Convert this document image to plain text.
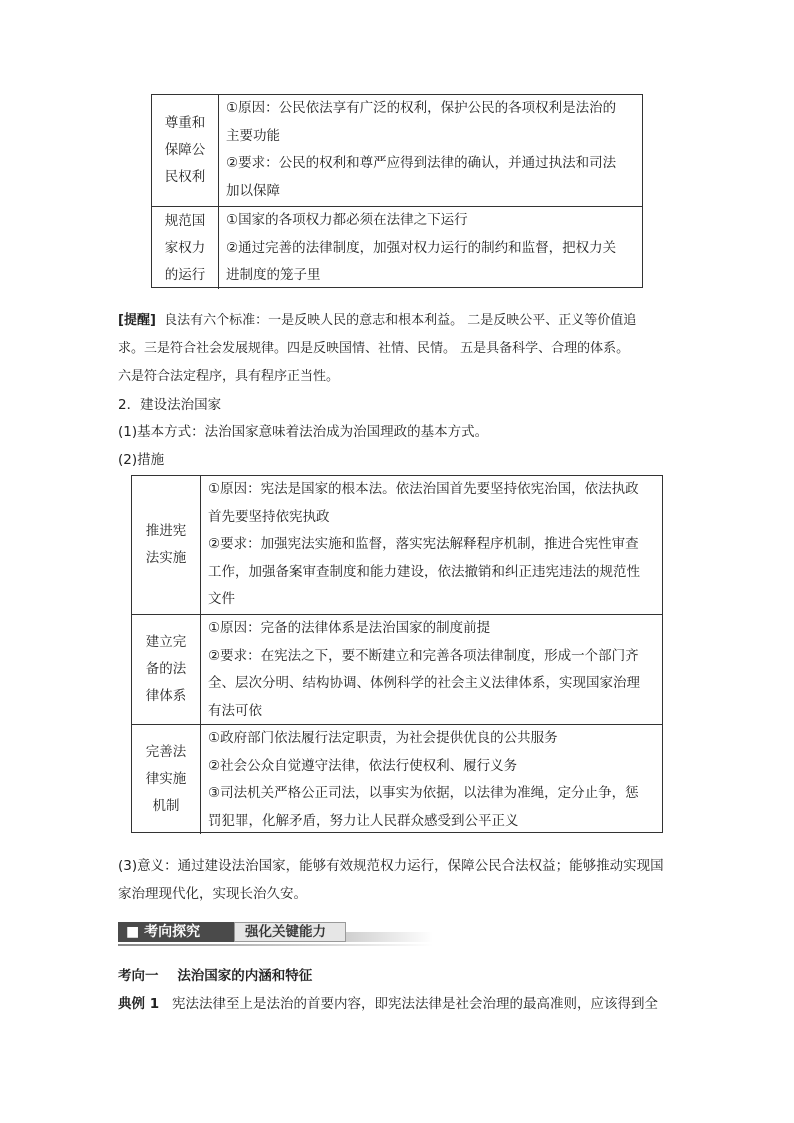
尊重和
保障公
民权利
①原因：公民依法享有广泛的权利，保护公民的各项权利是法治的
主要功能
②要求：公民的权利和尊严应得到法律的确认，并通过执法和司法
加以保障
规范国
家权力
的运行
①国家的各项权力都必须在法律之下运行
②通过完善的法律制度，加强对权力运行的制约和监督，把权力关
进制度的笼子里
[提醒] 良法有六个标准：一是反映人民的意志和根本利益。 二是反映公平、正义等价值追
求。三是符合社会发展规律。四是反映国情、社情、民情。 五是具备科学、合理的体系。
六是符合法定程序，具有程序正当性。
2．建设法治国家
(1)基本方式：法治国家意味着法治成为治国理政的基本方式。
(2)措施
推进宪
法实施
①原因：宪法是国家的根本法。依法治国首先要坚持依宪治国，依法执政
首先要坚持依宪执政
②要求：加强宪法实施和监督，落实宪法解释程序机制，推进合宪性审查
工作，加强备案审查制度和能力建设，依法撤销和纠正违宪违法的规范性
文件
建立完
备的法
律体系
①原因：完备的法律体系是法治国家的制度前提
②要求：在宪法之下，要不断建立和完善各项法律制度，形成一个部门齐
全、层次分明、结构协调、体例科学的社会主义法律体系，实现国家治理
有法可依
完善法
律实施
机制
①政府部门依法履行法定职责，为社会提供优良的公共服务
②社会公众自觉遵守法律，依法行使权利、履行义务
③司法机关严格公正司法，以事实为依据，以法律为准绳，定分止争，惩
罚犯罪，化解矛盾，努力让人民群众感受到公平正义
(3)意义：通过建设法治国家，能够有效规范权力运行，保障公民合法权益；能够推动实现国
家治理现代化，实现长治久安。
■ 考向探究	强化关键能力
考向一 法治国家的内涵和特征
典例 1 宪法法律至上是法治的首要内容，即宪法法律是社会治理的最高准则，应该得到全
